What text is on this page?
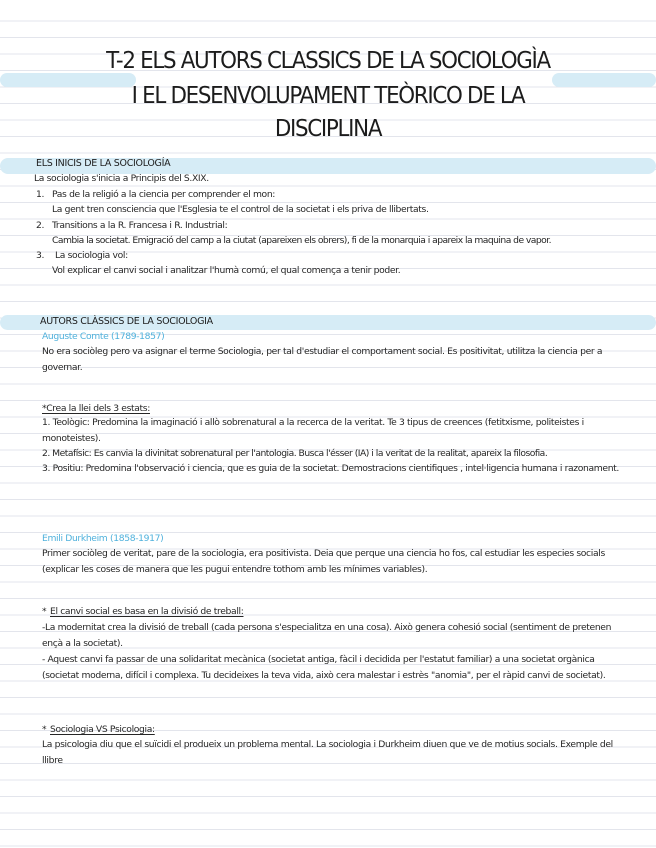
T-2 ELS AUTORS CLASSICS DE LA SOCIOLOGÌA
I EL DESENVOLUPAMENT TEÒRICO DE LA
DISCIPLINA
ELS INICIS DE LA SOCIOLOGÍA
La sociologia s'inicia a Principis del S.XIX.
1. Pas de la religió a la ciencia per comprender el mon:
La gent tren consciencia que l'Esglesia te el control de la societat i els priva de llibertats.
2. Transitions a la R. Francesa i R. Industrial:
Cambia la societat. Emigració del camp a la ciutat (apareixen els obrers), fi de la monarquia i apareix la maquina de vapor.
3. La sociologia vol:
Vol explicar el canvi social i analitzar l'humà comú, el qual comença a tenir poder.
AUTORS CLÀSSICS DE LA SOCIOLOGIA
Auguste Comte (1789-1857)
No era sociòleg pero va asignar el terme Sociologia, per tal d'estudiar el comportament social. Es positivitat, utilitza la ciencia per a governar.
*Crea la llei dels 3 estats:
1. Teològic: Predomina la imaginació i allò sobrenatural a la recerca de la veritat. Te 3 tipus de creences (fetitxisme, politeistes i monoteistes).
2. Metafísic: Es canvia la divinitat sobrenatural per l'antologia. Busca l'ésser (IA) i la veritat de la realitat, apareix la filosofia.
3. Positiu: Predomina l'observació i ciencia, que es guia de la societat. Demostracions cientifiques , intel·ligencia humana i razonament.
Emili Durkheim (1858-1917)
Primer sociòleg de veritat, pare de la sociologia, era positivista. Deia que perque una ciencia ho fos, cal estudiar les especies socials (explicar les coses de manera que les pugui entendre tothom amb les mínimes variables).
* El canvi social es basa en la divisió de treball:
-La modernitat crea la divisió de treball (cada persona s'especialitza en una cosa). Això genera cohesió social (sentiment de pretenen ençà a la societat).
- Aquest canvi fa passar de una solidaritat mecànica (societat antiga, fàcil i decidida per l'estatut familiar) a una societat orgànica (societat moderna, difícil i complexa. Tu decideixes la teva vida, això cera malestar i estrès "anomia", per el ràpid canvi de societat).
* Sociologia VS Psicologia:
La psicologia diu que el suïcidi el produeix un problema mental. La sociologia i Durkheim diuen que ve de motius socials. Exemple del llibre
